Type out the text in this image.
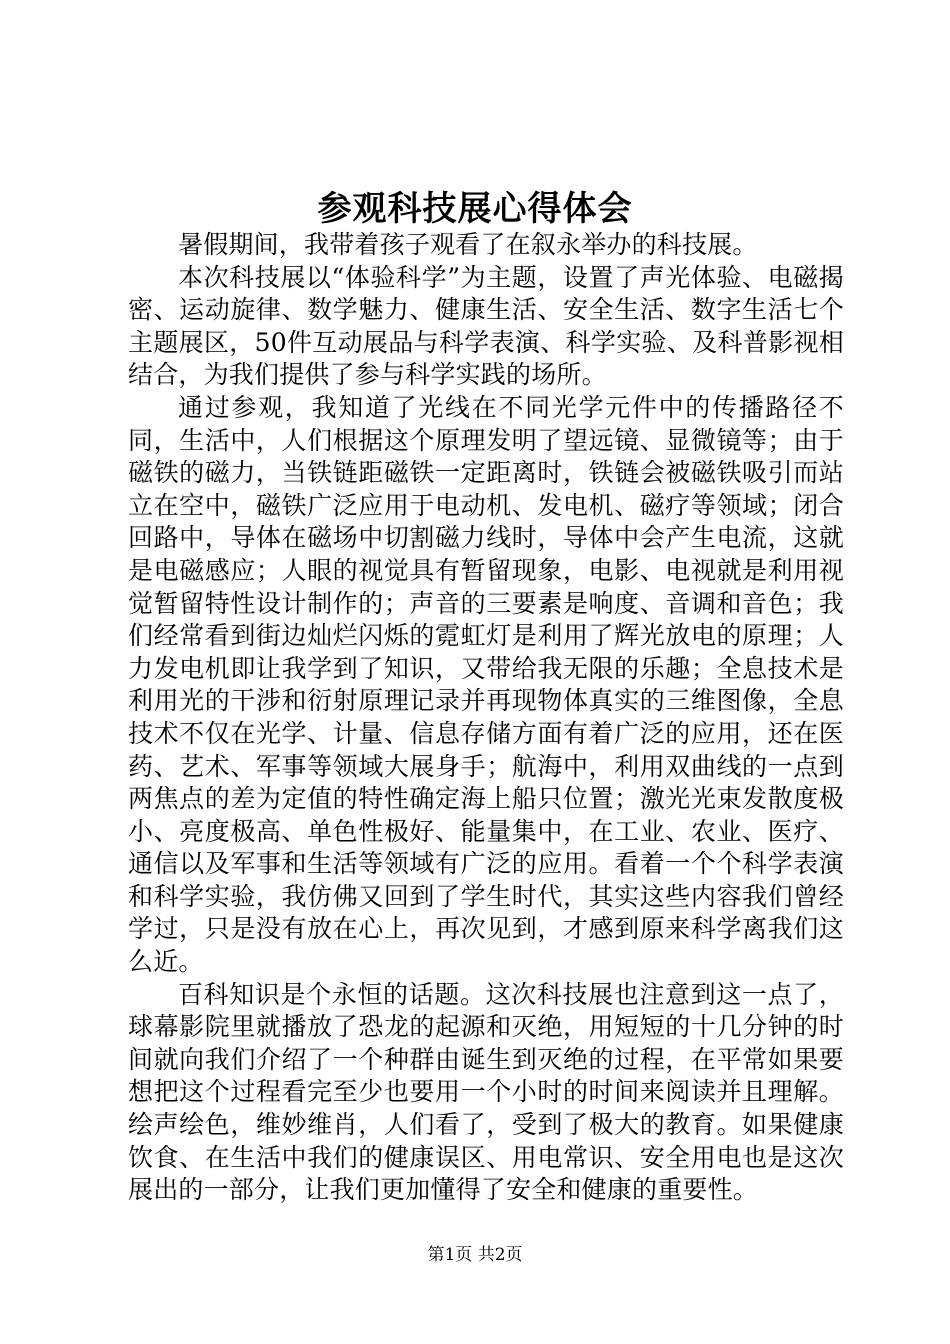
参观科技展心得体会

暑假期间，我带着孩子观看了在叙永举办的科技展。

本次科技展以“体验科学”为主题，设置了声光体验、电磁揭密、运动旋律、数学魅力、健康生活、安全生活、数字生活七个主题展区，50件互动展品与科学表演、科学实验、及科普影视相结合，为我们提供了参与科学实践的场所。

通过参观，我知道了光线在不同光学元件中的传播路径不同，生活中，人们根据这个原理发明了望远镜、显微镜等；由于磁铁的磁力，当铁链距磁铁一定距离时，铁链会被磁铁吸引而站立在空中，磁铁广泛应用于电动机、发电机、磁疗等领域；闭合回路中，导体在磁场中切割磁力线时，导体中会产生电流，这就是电磁感应；人眼的视觉具有暂留现象，电影、电视就是利用视觉暂留特性设计制作的；声音的三要素是响度、音调和音色；我们经常看到街边灿烂闪烁的霓虹灯是利用了辉光放电的原理；人力发电机即让我学到了知识，又带给我无限的乐趣；全息技术是利用光的干涉和衍射原理记录并再现物体真实的三维图像，全息技术不仅在光学、计量、信息存储方面有着广泛的应用，还在医药、艺术、军事等领域大展身手；航海中，利用双曲线的一点到两焦点的差为定值的特性确定海上船只位置；激光光束发散度极小、亮度极高、单色性极好、能量集中，在工业、农业、医疗、通信以及军事和生活等领域有广泛的应用。看着一个个科学表演和科学实验，我仿佛又回到了学生时代，其实这些内容我们曾经学过，只是没有放在心上，再次见到，才感到原来科学离我们这么近。

百科知识是个永恒的话题。这次科技展也注意到这一点了，球幕影院里就播放了恐龙的起源和灭绝，用短短的十几分钟的时间就向我们介绍了一个种群由诞生到灭绝的过程，在平常如果要想把这个过程看完至少也要用一个小时的时间来阅读并且理解。绘声绘色，维妙维肖，人们看了，受到了极大的教育。如果健康饮食、在生活中我们的健康误区、用电常识、安全用电也是这次展出的一部分，让我们更加懂得了安全和健康的重要性。

第1页 共2页
